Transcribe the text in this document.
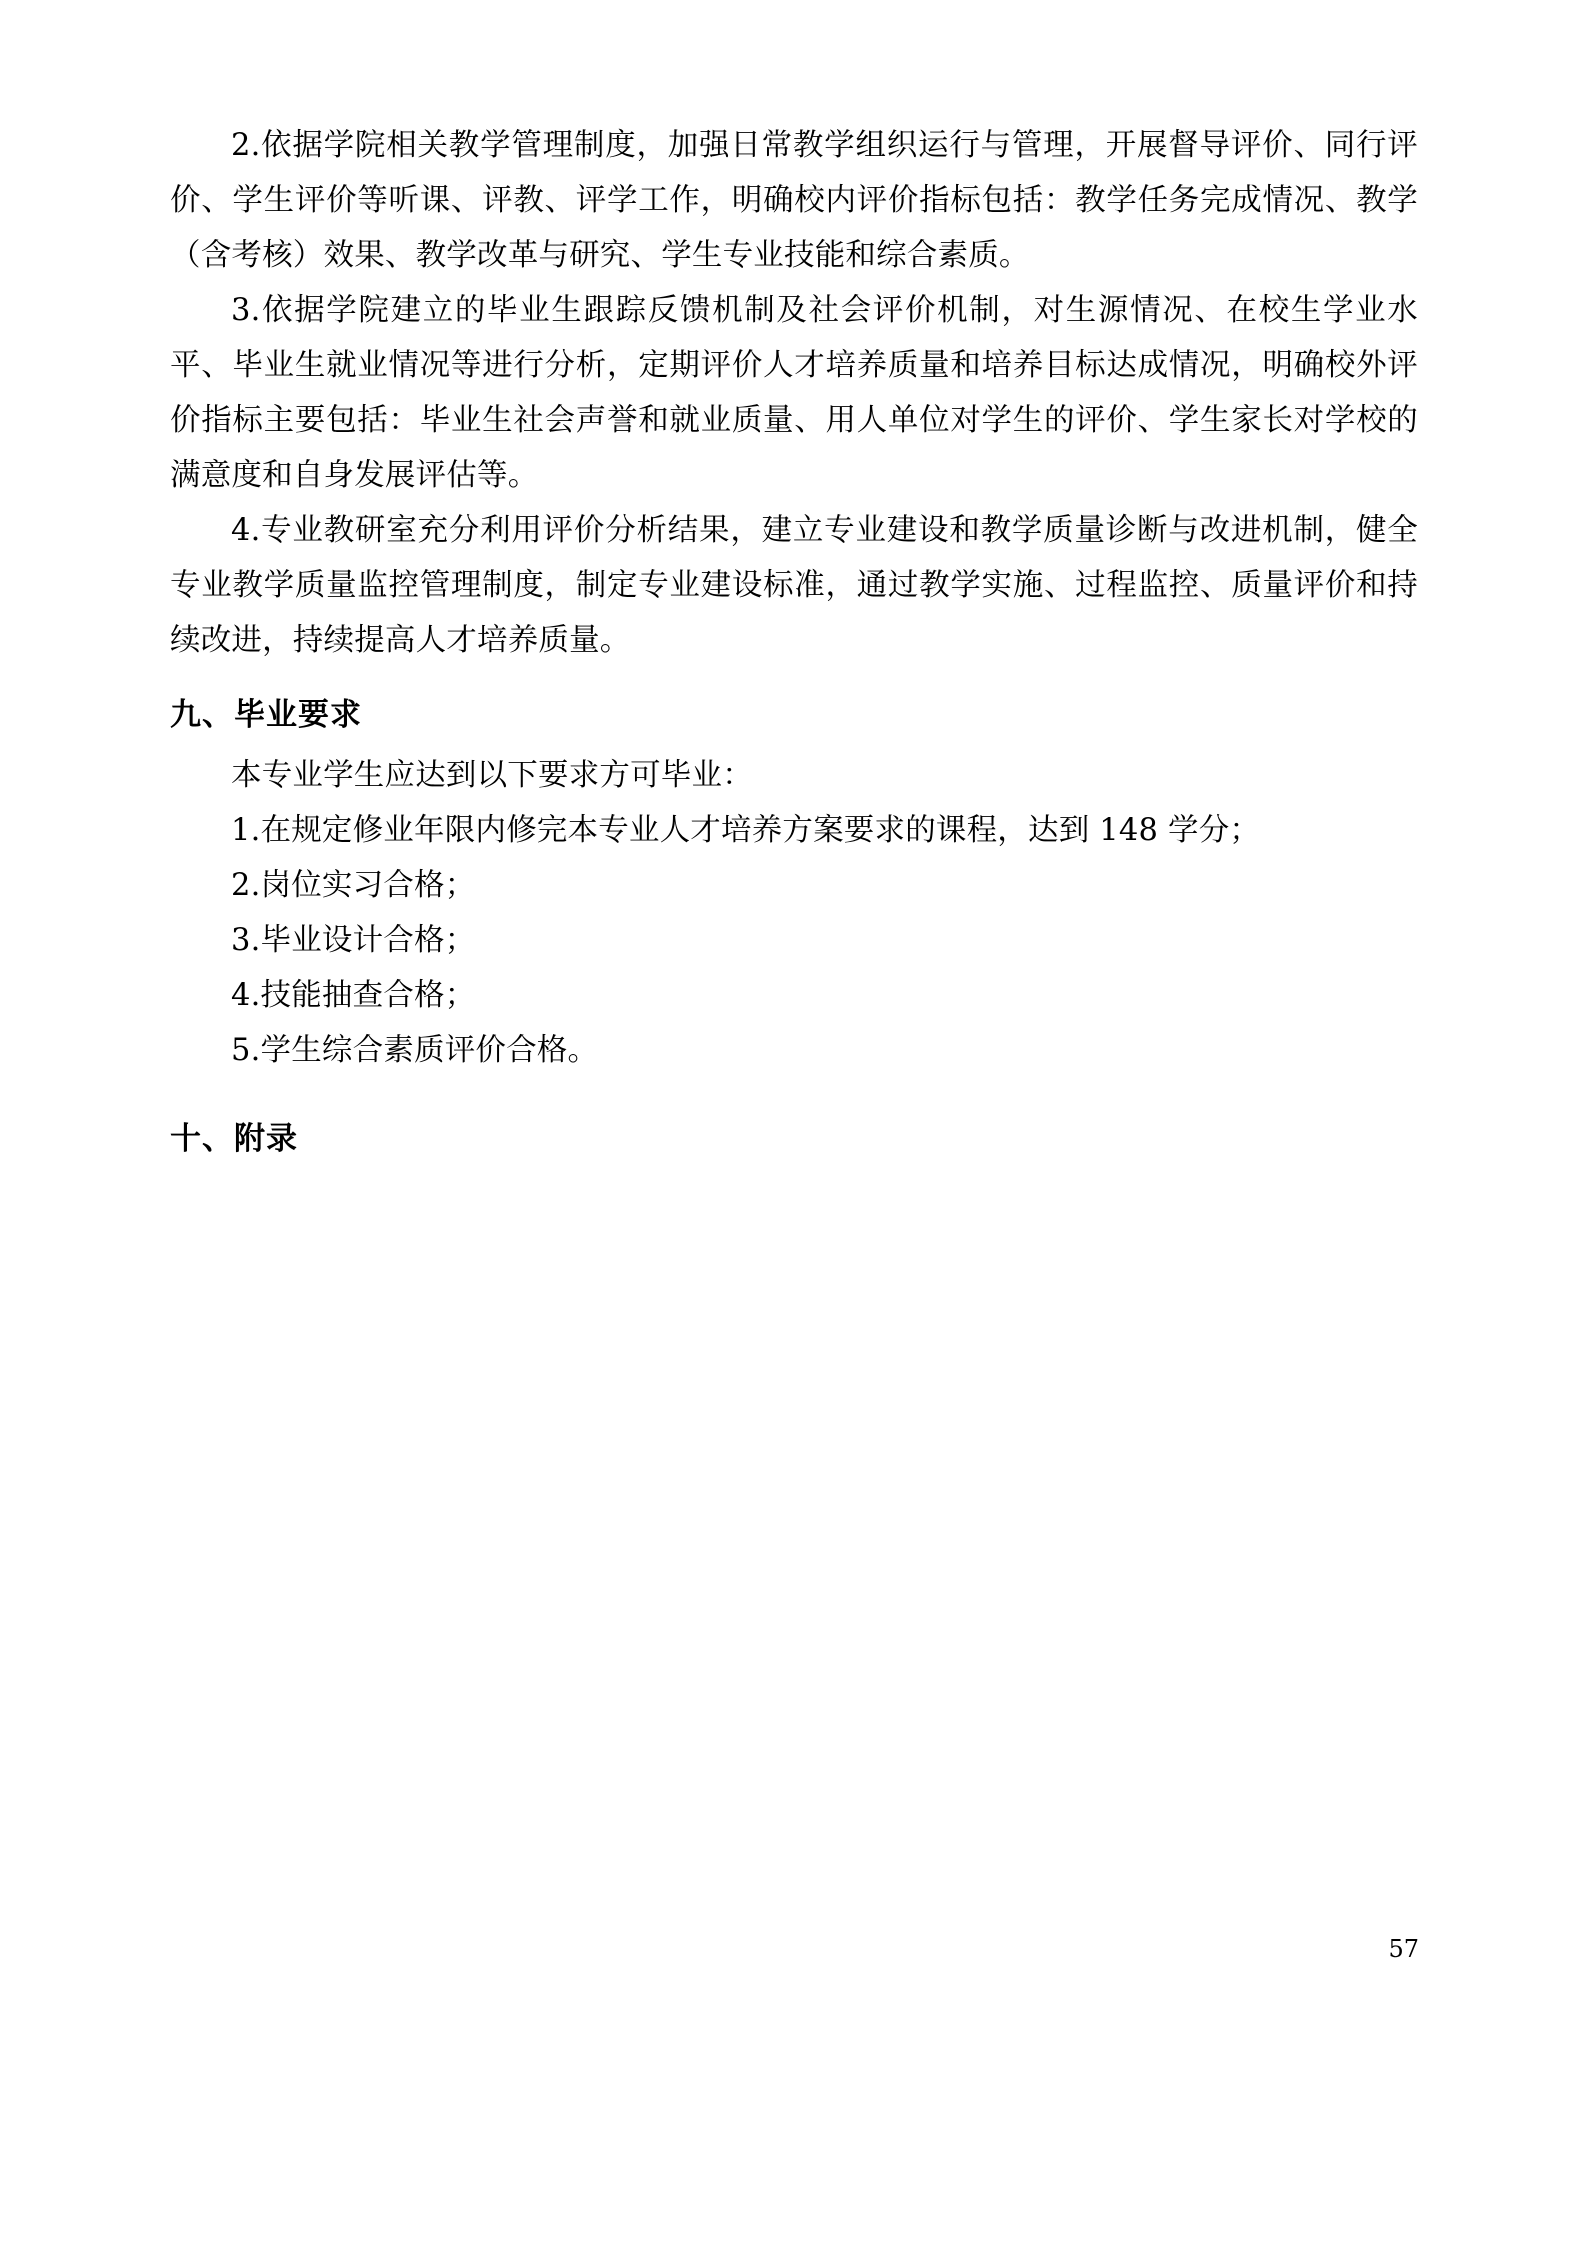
2.依据学院相关教学管理制度，加强日常教学组织运行与管理，开展督导评价、同行评价、学生评价等听课、评教、评学工作，明确校内评价指标包括：教学任务完成情况、教学（含考核）效果、教学改革与研究、学生专业技能和综合素质。

3.依据学院建立的毕业生跟踪反馈机制及社会评价机制，对生源情况、在校生学业水平、毕业生就业情况等进行分析，定期评价人才培养质量和培养目标达成情况，明确校外评价指标主要包括：毕业生社会声誉和就业质量、用人单位对学生的评价、学生家长对学校的满意度和自身发展评估等。

4.专业教研室充分利用评价分析结果，建立专业建设和教学质量诊断与改进机制，健全专业教学质量监控管理制度，制定专业建设标准，通过教学实施、过程监控、质量评价和持续改进，持续提高人才培养质量。

九、毕业要求

本专业学生应达到以下要求方可毕业：

1.在规定修业年限内修完本专业人才培养方案要求的课程，达到 148 学分；

2.岗位实习合格；

3.毕业设计合格；

4.技能抽查合格；

5.学生综合素质评价合格。

十、附录
57
